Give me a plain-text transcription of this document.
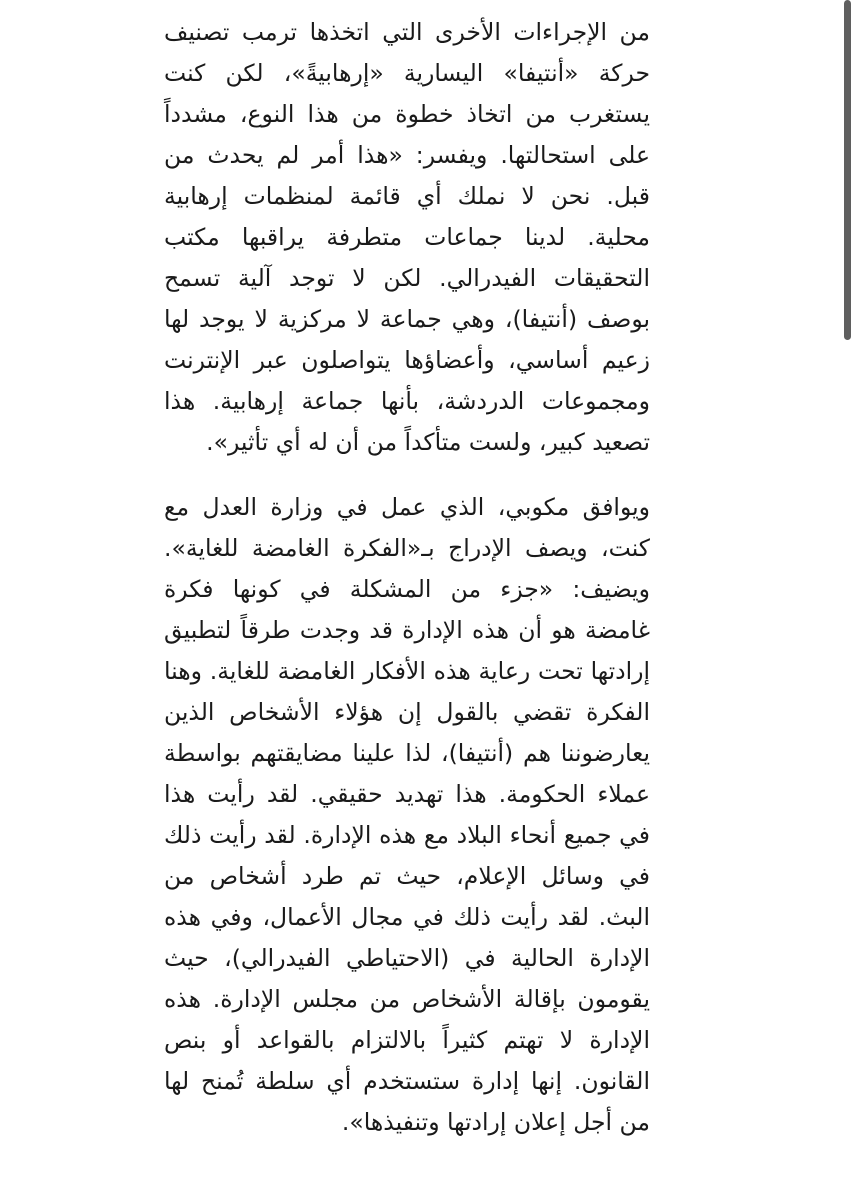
من الإجراءات الأخرى التي اتخذها ترمب تصنيف حركة «أنتيفا» اليسارية «إرهابيةً»، لكن كنت يستغرب من اتخاذ خطوة من هذا النوع، مشدداً على استحالتها. ويفسر: «هذا أمر لم يحدث من قبل. نحن لا نملك أي قائمة لمنظمات إرهابية محلية. لدينا جماعات متطرفة يراقبها مكتب التحقيقات الفيدرالي. لكن لا توجد آلية تسمح بوصف (أنتيفا)، وهي جماعة لا مركزية لا يوجد لها زعيم أساسي، وأعضاؤها يتواصلون عبر الإنترنت ومجموعات الدردشة، بأنها جماعة إرهابية. هذا تصعيد كبير، ولست متأكداً من أن له أي تأثير».

ويوافق مكوبي، الذي عمل في وزارة العدل مع كنت، ويصف الإدراج بـ«الفكرة الغامضة للغاية». ويضيف: «جزء من المشكلة في كونها فكرة غامضة هو أن هذه الإدارة قد وجدت طرقاً لتطبيق إرادتها تحت رعاية هذه الأفكار الغامضة للغاية. وهنا الفكرة تقضي بالقول إن هؤلاء الأشخاص الذين يعارضوننا هم (أنتيفا)، لذا علينا مضايقتهم بواسطة عملاء الحكومة. هذا تهديد حقيقي. لقد رأيت هذا في جميع أنحاء البلاد مع هذه الإدارة. لقد رأيت ذلك في وسائل الإعلام، حيث تم طرد أشخاص من البث. لقد رأيت ذلك في مجال الأعمال، وفي هذه الإدارة الحالية في (الاحتياطي الفيدرالي)، حيث يقومون بإقالة الأشخاص من مجلس الإدارة. هذه الإدارة لا تهتم كثيراً بالالتزام بالقواعد أو بنص القانون. إنها إدارة ستستخدم أي سلطة تُمنح لها من أجل إعلان إرادتها وتنفيذها».
